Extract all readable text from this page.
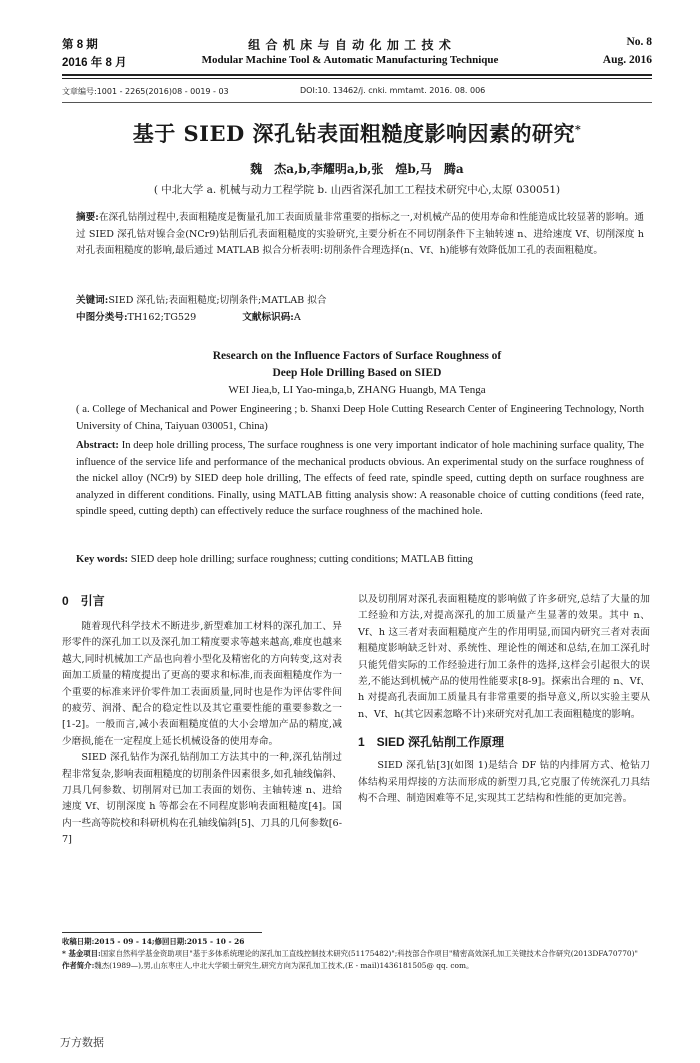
第 8 期
2016 年 8 月
组 合 机 床 与 自 动 化 加 工 技 术
Modular Machine Tool & Automatic Manufacturing Technique
No. 8
Aug. 2016
文章编号:1001 - 2265(2016)08 - 0019 - 03	DOI:10. 13462/j. cnki. mmtamt. 2016. 08. 006
基于 SIED 深孔钻表面粗糙度影响因素的研究*
魏　杰a,b,李耀明a,b,张　煌b,马　腾a
( 中北大学 a. 机械与动力工程学院 b. 山西省深孔加工工程技术研究中心,太原 030051)
摘要:在深孔钻削过程中,表面粗糙度是衡量孔加工表面质量非常重要的指标之一,对机械产品的使用寿命和性能造成比较显著的影响。通过 SIED 深孔钻对镍合金(NCr9)钻削后孔表面粗糙度的实验研究,主要分析在不同切削条件下主轴转速 n、进给速度 Vf、切削深度 h 对孔表面粗糙度的影响,最后通过 MATLAB 拟合分析表明:切削条件合理选择(n、Vf、h)能够有效降低加工孔的表面粗糙度。
关键词:SIED 深孔钻;表面粗糙度;切削条件;MATLAB 拟合
中图分类号:TH162;TG529	文献标识码:A
Research on the Influence Factors of Surface Roughness of
Deep Hole Drilling Based on SIED
WEI Jiea,b, LI Yao-minga,b, ZHANG Huangb, MA Tenga
( a. College of Mechanical and Power Engineering ; b. Shanxi Deep Hole Cutting Research Center of Engineering Technology, North University of China, Taiyuan 030051, China)
Abstract: In deep hole drilling process, The surface roughness is one very important indicator of hole machining surface quality, The influence of the service life and performance of the mechanical products obvious. An experimental study on the surface roughness of the nickel alloy (NCr9) by SIED deep hole drilling, The effects of feed rate, spindle speed, cutting depth on surface roughness are analyzed in different conditions. Finally, using MATLAB fitting analysis show: A reasonable choice of cutting conditions (feed rate, spindle speed, cutting depth) can effectively reduce the surface roughness of the machined hole.
Key words: SIED deep hole drilling; surface roughness; cutting conditions; MATLAB fitting
0　引言

随着现代科学技术不断进步,新型难加工材料的深孔加工、异形零件的深孔加工以及深孔加工精度要求等越来越高,难度也越来越大,同时机械加工产品也向着小型化及精密化的方向转变,这对表面加工质量的精度提出了更高的要求和标准,而表面粗糙度作为一个重要的标准来评价零件加工表面质量,同时也是作为评估零件间的疲劳、润滑、配合的稳定性以及其它重要性能的重要参数之一[1-2]。一般而言,减小表面粗糙度值的大小会增加产品的精度,减少磨损,能在一定程度上延长机械设备的使用寿命。

SIED 深孔钻作为深孔钻削加工方法其中的一种,深孔钻削过程非常复杂,影响表面粗糙度的切削条件因素很多,如孔轴线偏斜、刀具几何参数、切削屑对已加工表面的划伤、主轴转速 n、进给速度 Vf、切削深度 h 等都会在不同程度影响表面粗糙度[4]。国内一些高等院校和科研机构在孔轴线偏斜[5]、刀具的几何参数[6-7]

以及切削屑对深孔表面粗糙度的影响做了许多研究,总结了大量的加工经验和方法,对提高深孔的加工质量产生显著的效果。其中 n、Vf、h 这三者对表面粗糙度产生的作用明显,而国内研究三者对表面粗糙度影响缺乏针对、系统性、理论性的阐述和总结,在加工深孔时只能凭借实际的工作经验进行加工条件的选择,这样会引起很大的误差,不能达到机械产品的使用性能要求[8-9]。探索出合理的 n、Vf、h 对提高孔表面加工质量具有非常重要的指导意义,所以实验主要从 n、Vf、h(其它因素忽略不计)来研究对孔加工表面粗糙度的影响。

1　SIED 深孔钻削工作原理

SIED 深孔钻[3](如图 1)是结合 DF 钻的内排屑方式、枪钻刀体结构采用焊接的方法而形成的新型刀具,它克服了传统深孔刀具结构不合理、制造困难等不足,实现其工艺结构和性能的更加完善。

收稿日期:2015 - 09 - 14;修回日期:2015 - 10 - 26
* 基金项目:国家自然科学基金资助项目"基于多体系统理论的深孔加工直线控制技术研究(51175482)";科技部合作项目"精密高效深孔加工关键技术合作研究(2013DFA70770)"
作者简介:魏杰(1989—),男,山东枣庄人,中北大学硕士研究生,研究方向为深孔加工技术,(E - mail)1436181505@ qq. com。
万方数据
